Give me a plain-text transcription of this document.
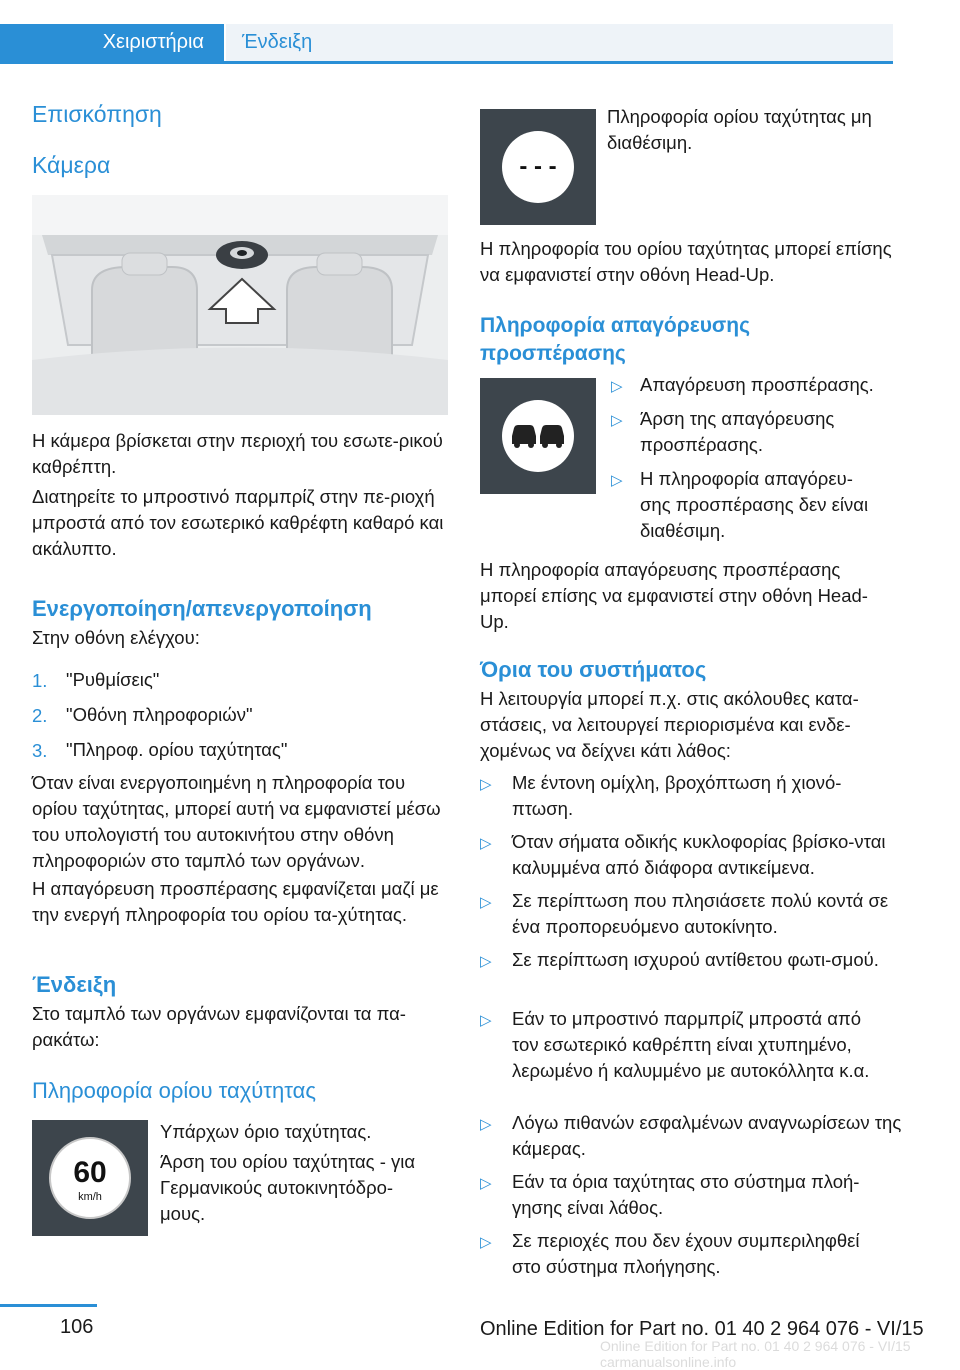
Χειριστήρια	Ένδειξη
Επισκόπηση
Κάμερα

Η κάμερα βρίσκεται στην περιοχή του εσωτε-ρικού καθρέπτη.

Διατηρείτε το μπροστινό παρμπρίζ στην πε-ριοχή μπροστά από τον εσωτερικό καθρέφτη καθαρό και ακάλυπτο.

Ενεργοποίηση/απενεργοποίηση

Στην οθόνη ελέγχου:

1. "Ρυθμίσεις"
2. "Οθόνη πληροφοριών"
3. "Πληροφ. ορίου ταχύτητας"

Όταν είναι ενεργοποιημένη η πληροφορία του ορίου ταχύτητας, μπορεί αυτή να εμφανιστεί μέσω του υπολογιστή του αυτοκινήτου στην οθόνη πληροφοριών στο ταμπλό των οργάνων.

Η απαγόρευση προσπέρασης εμφανίζεται μαζί με την ενεργή πληροφορία του ορίου τα-χύτητας.

Ένδειξη

Στο ταμπλό των οργάνων εμφανίζονται τα πα-ρακάτω:

Πληροφορία ορίου ταχύτητας
60
km/h

Υπάρχων όριο ταχύτητας.

Άρση του ορίου ταχύτητας - για Γερμανικούς αυτοκινητόδρο-μους.

- - -

Πληροφορία ορίου ταχύτητας μη διαθέσιμη.

Η πληροφορία του ορίου ταχύτητας μπορεί επίσης να εμφανιστεί στην οθόνη Head-Up.

Πληροφορία απαγόρευσης προσπέρασης
▷ Απαγόρευση προσπέρασης.
▷ Άρση της απαγόρευσης προσπέρασης.
▷ Η πληροφορία απαγόρευ-σης προσπέρασης δεν είναι διαθέσιμη.

Η πληροφορία απαγόρευσης προσπέρασης μπορεί επίσης να εμφανιστεί στην οθόνη Head-Up.

Όρια του συστήματος

Η λειτουργία μπορεί π.χ. στις ακόλουθες κατα-στάσεις, να λειτουργεί περιορισμένα και ενδε-χομένως να δείχνει κάτι λάθος:

▷ Με έντονη ομίχλη, βροχόπτωση ή χιονό-πτωση.
▷ Όταν σήματα οδικής κυκλοφορίας βρίσκο-νται καλυμμένα από διάφορα αντικείμενα.
▷ Σε περίπτωση που πλησιάσετε πολύ κοντά σε ένα προπορευόμενο αυτοκίνητο.
▷ Σε περίπτωση ισχυρού αντίθετου φωτι-σμού.
▷ Εάν το μπροστινό παρμπρίζ μπροστά από τον εσωτερικό καθρέπτη είναι χτυπημένο, λερωμένο ή καλυμμένο με αυτοκόλλητα κ.α.
▷ Λόγω πιθανών εσφαλμένων αναγνωρίσεων της κάμερας.
▷ Εάν τα όρια ταχύτητας στο σύστημα πλοή-γησης είναι λάθος.
▷ Σε περιοχές που δεν έχουν συμπεριληφθεί στο σύστημα πλοήγησης.
106	Online Edition for Part no. 01 40 2 964 076 - VI/15
Online Edition for Part no. 01 40 2 964 076 - VI/15 carmanualsonline.info
